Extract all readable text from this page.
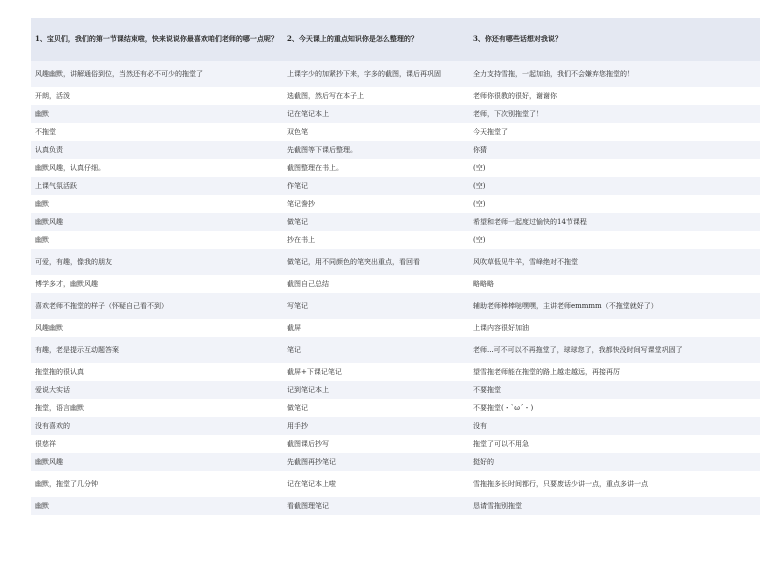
1、宝贝们，我们的第一节课结束啦，快来说说你最喜欢咱们老师的哪一点呢？	2、今天课上的重点知识你是怎么整理的？	3、你还有哪些话想对我说？
风趣幽默，讲解通俗到位，当然还有必不可少的拖堂了	上课字少的加紧抄下来，字多的截图，课后再巩固	全力支持雪拖，一起加油，我们不会嫌弃您拖堂的！
开朗，活泼	选截图，然后写在本子上	老师你很教的很好，谢谢你
幽默	记在笔记本上	老师，下次别拖堂了！
不拖堂	双色笔	今天拖堂了
认真负责	先截图等下课后整理。	你猜
幽默风趣，认真仔细。	截图整理在书上。	(空)
上课气氛活跃	作笔记	(空)
幽默	笔记誊抄	(空)
幽默风趣	做笔记	希望和老师一起度过愉快的14节课程
幽默	抄在书上	(空)
可爱，有趣，像我的朋友	做笔记，用不同颜色的笔突出重点，看回看	风吹草低见牛羊，雪峰绝对不拖堂
博学多才，幽默风趣	截图自己总结	略略略
喜欢老师不拖堂的样子（怀疑自己看不到）	写笔记	辅助老师棒棒哒嘿嘿，主讲老师emmmm（不拖堂就好了）
风趣幽默	截屏	上课内容很好加油
有趣，老是提示互动题答案	笔记	老师...可不可以不再拖堂了，球球您了，我都快没时间写课堂巩固了
拖堂拖的很认真	截屏+下课记笔记	望雪拖老师能在拖堂的路上越走越远，再接再厉
爱说大实话	记到笔记本上	不要拖堂
拖堂，语言幽默	做笔记	不要拖堂(・ˋωˊ・)
没有喜欢的	用手抄	没有
很慈祥	截图课后抄写	拖堂了可以不用急
幽默风趣	先截图再抄笔记	挺好的
幽默，拖堂了几分钟	记在笔记本上啦	雪拖拖多长时间都行，只要废话少讲一点，重点多讲一点
幽默	看截图理笔记	恳请雪拖别拖堂
